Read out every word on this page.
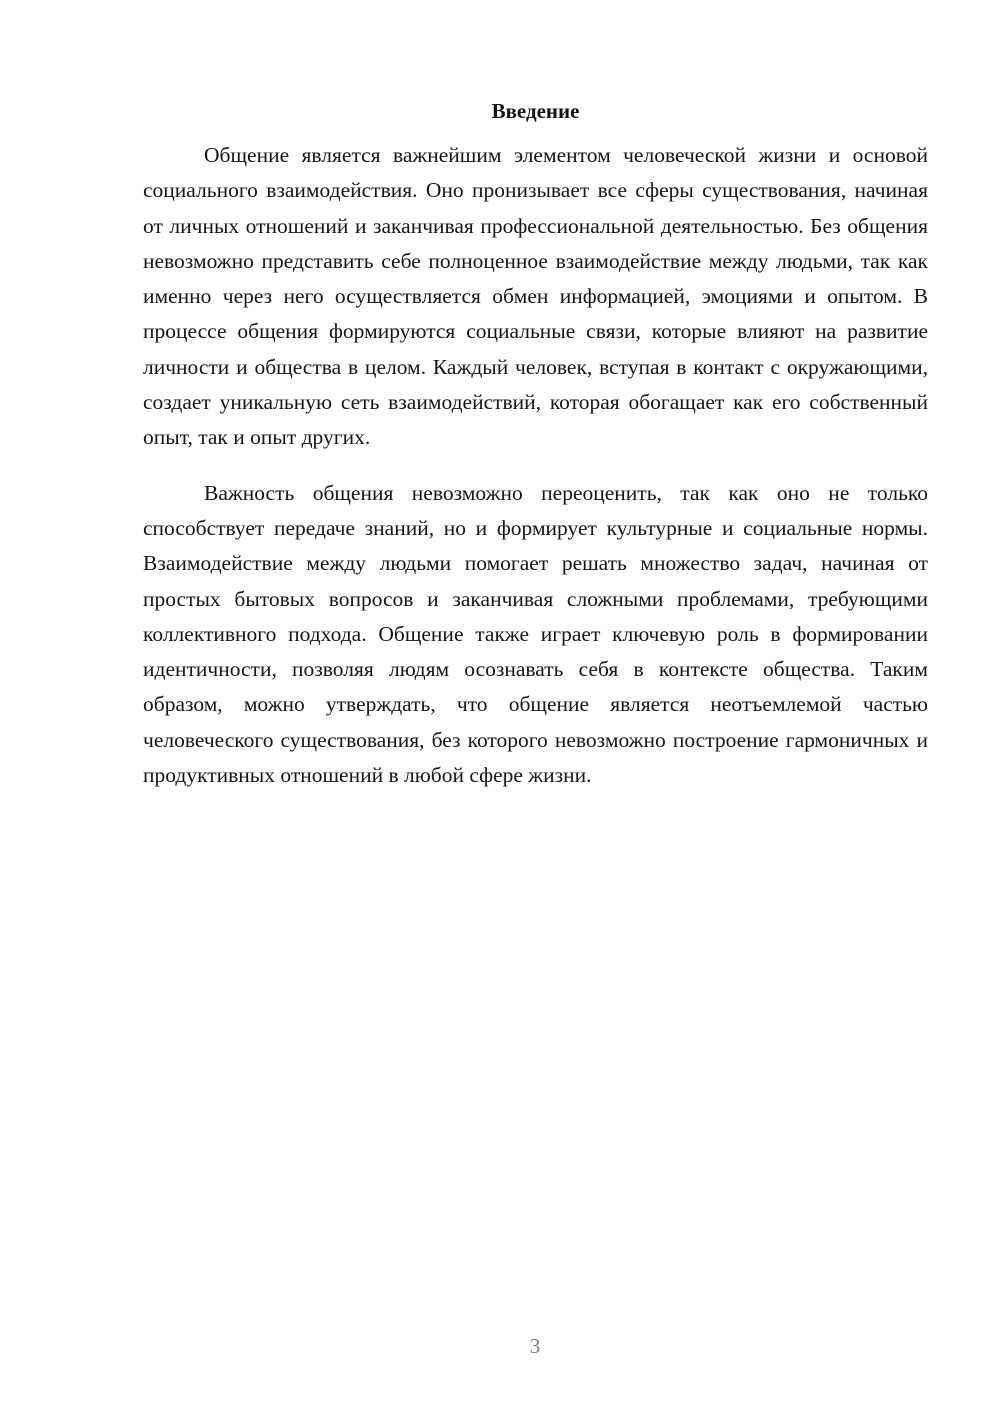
Введение

Общение является важнейшим элементом человеческой жизни и основой социального взаимодействия. Оно пронизывает все сферы существования, начиная от личных отношений и заканчивая профессиональной деятельностью. Без общения невозможно представить себе полноценное взаимодействие между людьми, так как именно через него осуществляется обмен информацией, эмоциями и опытом. В процессе общения формируются социальные связи, которые влияют на развитие личности и общества в целом. Каждый человек, вступая в контакт с окружающими, создает уникальную сеть взаимодействий, которая обогащает как его собственный опыт, так и опыт других.

Важность общения невозможно переоценить, так как оно не только способствует передаче знаний, но и формирует культурные и социальные нормы. Взаимодействие между людьми помогает решать множество задач, начиная от простых бытовых вопросов и заканчивая сложными проблемами, требующими коллективного подхода. Общение также играет ключевую роль в формировании идентичности, позволяя людям осознавать себя в контексте общества. Таким образом, можно утверждать, что общение является неотъемлемой частью человеческого существования, без которого невозможно построение гармоничных и продуктивных отношений в любой сфере жизни.

3
